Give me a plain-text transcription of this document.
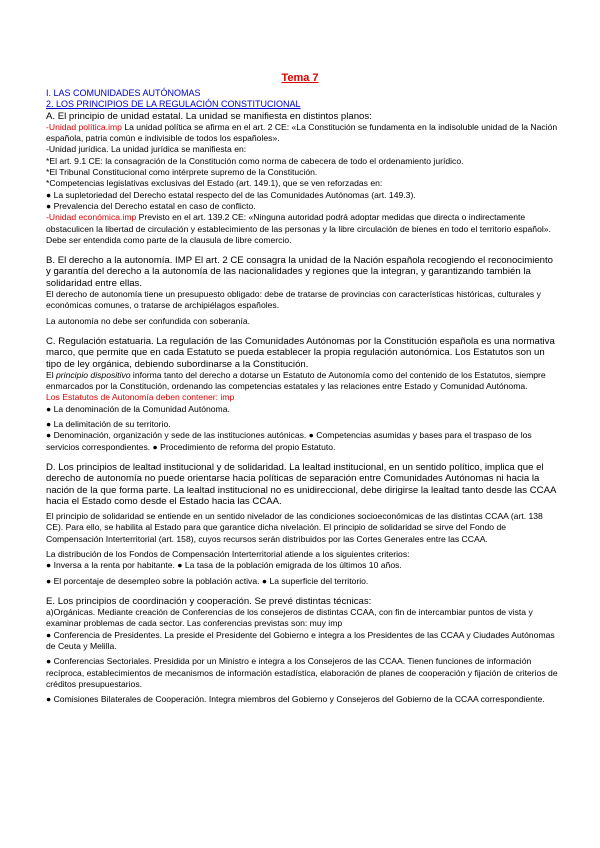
Tema 7

I. LAS COMUNIDADES AUTÓNOMAS

2. LOS PRINCIPIOS DE LA REGULACIÓN CONSTITUCIONAL

A. El principio de unidad estatal. La unidad se manifiesta en distintos planos:

-Unidad política.imp La unidad política se afirma en el art. 2 CE: «La Constitución se fundamenta en la indisoluble unidad de la Nación española, patria común e indivisible de todos los españoles».

-Unidad jurídica. La unidad jurídica se manifiesta en:

*El art. 9.1 CE: la consagración de la Constitución como norma de cabecera de todo el ordenamiento jurídico.

*El Tribunal Constitucional como intérprete supremo de la Constitución.

*Competencias legislativas exclusivas del Estado (art. 149.1), que se ven reforzadas en:

● La supletoriedad del Derecho estatal respecto del de las Comunidades Autónomas (art. 149.3).

● Prevalencia del Derecho estatal en caso de conflicto.

-Unidad económica.imp Previsto en el art. 139.2 CE: «Ninguna autoridad podrá adoptar medidas que directa o indirectamente obstaculicen la libertad de circulación y establecimiento de las personas y la libre circulación de bienes en todo el territorio español». Debe ser entendida como parte de la clausula de libre comercio.

B. El derecho a la autonomía. IMP El art. 2 CE consagra la unidad de la Nación española recogiendo el reconocimiento y garantía del derecho a la autonomía de las nacionalidades y regiones que la integran, y garantizando también la solidaridad entre ellas.

El derecho de autonomía tiene un presupuesto obligado: debe de tratarse de provincias con características históricas, culturales y económicas comunes, o tratarse de archipiélagos españoles.

La autonomía no debe ser confundida con soberanía.

C. Regulación estatuaria. La regulación de las Comunidades Autónomas por la Constitución española es una normativa marco, que permite que en cada Estatuto se pueda establecer la propia regulación autonómica. Los Estatutos son un tipo de ley orgánica, debiendo subordinarse a la Constitución.

El principio dispositivo informa tanto del derecho a dotarse un Estatuto de Autonomía como del contenido de los Estatutos, siempre enmarcados por la Constitución, ordenando las competencias estatales y las relaciones entre Estado y Comunidad Autónoma.

Los Estatutos de Autonomía deben contener: imp

● La denominación de la Comunidad Autónoma.

● La delimitación de su territorio.

● Denominación, organización y sede de las instituciones autónicas. ● Competencias asumidas y bases para el traspaso de los servicios correspondientes. ● Procedimiento de reforma del propio Estatuto.

D. Los principios de lealtad institucional y de solidaridad. La lealtad institucional, en un sentido político, implica que el derecho de autonomía no puede orientarse hacia políticas de separación entre Comunidades Autónomas ni hacia la nación de la que forma parte. La lealtad institucional no es unidireccional, debe dirigirse la lealtad tanto desde las CCAA hacia el Estado como desde el Estado hacia las CCAA.

El principio de solidaridad se entiende en un sentido nivelador de las condiciones socioeconómicas de las distintas CCAA (art. 138 CE). Para ello, se habilita al Estado para que garantice dicha nivelación. El principio de solidaridad se sirve del Fondo de Compensación Interterritorial (art. 158), cuyos recursos serán distribuidos por las Cortes Generales entre las CCAA.

La distribución de los Fondos de Compensación Interterritorial atiende a los siguientes criterios:

● Inversa a la renta por habitante. ● La tasa de la población emigrada de los últimos 10 años.

● El porcentaje de desempleo sobre la población activa. ● La superficie del territorio.

E. Los principios de coordinación y cooperación. Se prevé distintas técnicas:

a)Orgánicas. Mediante creación de Conferencias de los consejeros de distintas CCAA, con fin de intercambiar puntos de vista y examinar problemas de cada sector. Las conferencias previstas son: muy imp

● Conferencia de Presidentes. La preside el Presidente del Gobierno e integra a los Presidentes de las CCAA y Ciudades Autónomas de Ceuta y Melilla.

● Conferencias Sectoriales. Presidida por un Ministro e integra a los Consejeros de las CCAA. Tienen funciones de información recíproca, establecimientos de mecanismos de información estadística, elaboración de planes de cooperación y fijación de criterios de créditos presupuestarios.

● Comisiones Bilaterales de Cooperación. Integra miembros del Gobierno y Consejeros del Gobierno de la CCAA correspondiente.
